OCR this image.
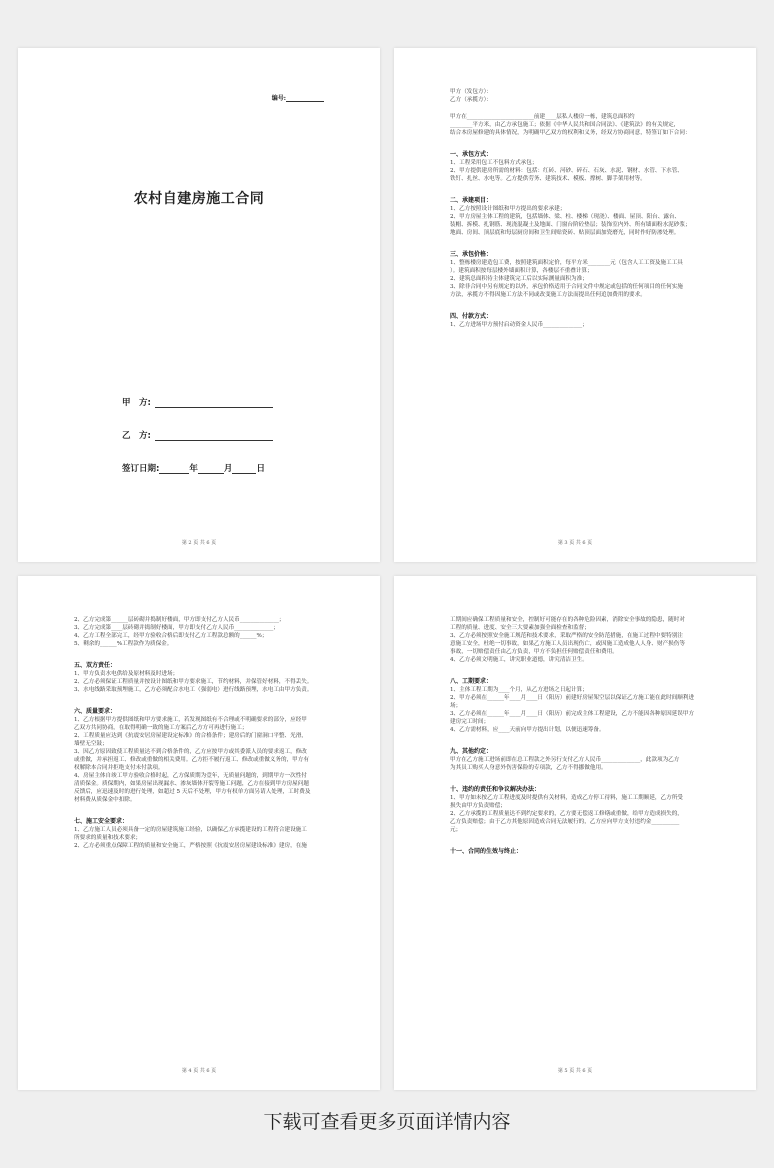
编号:
农村自建房施工合同
甲　方:
乙　方:
签订日期:	年	月	日
第 2 页 共 6 页
甲方（发包方）：
乙方（承揽方）：
甲方在________________________前建____层私人楼房一栋，建筑总面积约
________平方米，由乙方承包施工；依据《中华人民共和国合同法》、《建筑法》的有关规定，
结合本房屋修建的具体情况，为明确甲乙双方的权利和义务，经双方协商同意，特签订如下合同：
一、承包方式：
1、工程采用包工不包料方式承包；
2、甲方提供建房所需的材料：包括：红砖、河砂、碎石、石灰、水泥、钢材、水管、下水管、
铁钉、扎丝、水电等。乙方提供劳务、建筑技术、模板、撑树、脚手架用材等。
二、承建项目：
1、乙方按照设计图纸和甲方提出的要求承建；
2、甲方房屋主体工程的建筑，包括墙体、梁、柱、楼梯（现浇）、楼面、屋顶、阳台、露台、
装帽、拆模、扎钢筋、现浇混凝土及地面、门窗台阶砼垫层；装饰室内外、所有墙面粉水泥砂浆；
地面、房间、顶层底和每层厨房间和卫生间贴瓷砖、贴顶层面加瓷磨光，同时作好防渗处理。
三、承包价格：
1、整栋楼房建造包工费，按照建筑面积定价，每平方米________元（包含人工工资及施工工具
）。建筑面积按每层楼外墙面积计算，各楼层不重叠计算；
2、建筑总面积待主体建筑完工后以实际测量面积为准；
3、除非合同中另有规定的以外，承包价格适用于合同文件中规定或包括的任何项目的任何实施
方法，承揽方不得因施工方法不同或改变施工方法而提出任何追加费用的要求。
四、付款方式：
1、乙方进场甲方预付启动资金人民币______________；
第 3 页 共 6 页
2、乙方完成第______层砖砌并捣制好楼面，甲方即支付乙方人民币______________；
3、乙方完成第____层砖砌并捣制好楼面，甲方即支付乙方人民币______________；
4、乙方工程全部完工，经甲方验收合格后即支付乙方工程款总额的______%；
5、剩余的______%工程款作为质保金。
五、双方责任：
1、甲方负责水电供给及原材料及时进场；
2、乙方必须保证工程质量并按设计图纸和甲方要求施工，节约材料，并保管好材料，不得丢失。
3、水电线路采取预埋施工，乙方必须配合水电工（强弱电）进行线路预埋，水电工由甲方负责。
六、质量要求：
1、乙方根据甲方提供图纸和甲方要求施工，若发现图纸有不合理或不明确要求的部分，应经甲
乙双方共同协商，在取得明确一致的施工方案后乙方方可再进行施工；
2、工程质量应达到《抗震安居房屋建设定标准》的合格条件；建房后的门窗洞口平整、光滑，
墙壁无空鼓；
3、因乙方原因致使工程质量达不到合格条件的，乙方应按甲方或其委派人员的要求返工，修改
或重做，并承担返工、修改或重做的相关费用。乙方拒不履行返工、修改或重做义务的，甲方有
权解除本合同并拒绝支付未付款项。
4、房屋主体自竣工甲方验收合格时起，乙方保质期为壹年，无质量问题的，到期甲方一次性付
清质保金。质保期内，如果房屋出现漏水、渗灰墙体开裂等施工问题，乙方在接到甲方房屋问题
反馈后，应迅速及时的进行处理，如超过 5 天后不处理，甲方有权单方面另请人处理，工时费及
材料费从质保金中扣除。
七、施工安全要求：
1、乙方施工人员必须具备一定的房屋建筑施工经验，以确保乙方承揽建设的工程符合建设施工
所要求的质量和技术要求；
2、乙方必须重点保障工程的质量和安全施工，严格按照《抗震安居房屋建设标准》建房，在施
第 4 页 共 6 页
工期间应确保工程质量和安全，控制好可能存在的各种危险因素，消除安全事故的隐患，随时对
工程的质量、进度、安全三大要素加强全面检查和监督；
3、乙方必须按照安全施工规范和技术要求，采取严格的安全防范措施，在施工过程中要特别注
意施工安全，杜绝一切事故，如果乙方施工人员出现伤亡，或因施工造成他人人身、财产损伤等
事故，一切赔偿责任由乙方负责，甲方不负担任何赔偿责任和费用。
4、乙方必须文明施工，讲究职业道德，讲究清洁卫生。
八、工期要求：
1、主体工程工期为____个月，从乙方进场之日起计算；
2、甲方必须在______年____月____日（阳历）前建好房屋架空层以保证乙方施工能在此时间顺利进
场；
3、乙方必须在______年____月____日（阳历）前完成主体工程建设，乙方不能因各种原因延误甲方
建房完工时间；
4、乙方需材料，应____天前向甲方提出计划，以便迅速筹备。
九、其他约定：
甲方在乙方施工进场前即在总工程款之外另行支付乙方人民币______________，此款项为乙方
为其员工购买人身意外伤害保险的专项款，乙方不得挪做他用。
十、违约的责任和争议解决办法：
1、甲方如未按乙方工程进度及时提供有关材料，造成乙方停工待料，施工工期顺延，乙方所受
损失由甲方负责赔偿；
2、乙方承揽的工程质量达不到约定要求的，乙方要无偿返工修缮或重做，给甲方造成损失的，
乙方负责赔偿；由于乙方其他原因造成合同无法履行的，乙方应向甲方支付违约金__________
元；
十一、合同的生效与终止：
第 5 页 共 6 页
下载可查看更多页面详情内容
